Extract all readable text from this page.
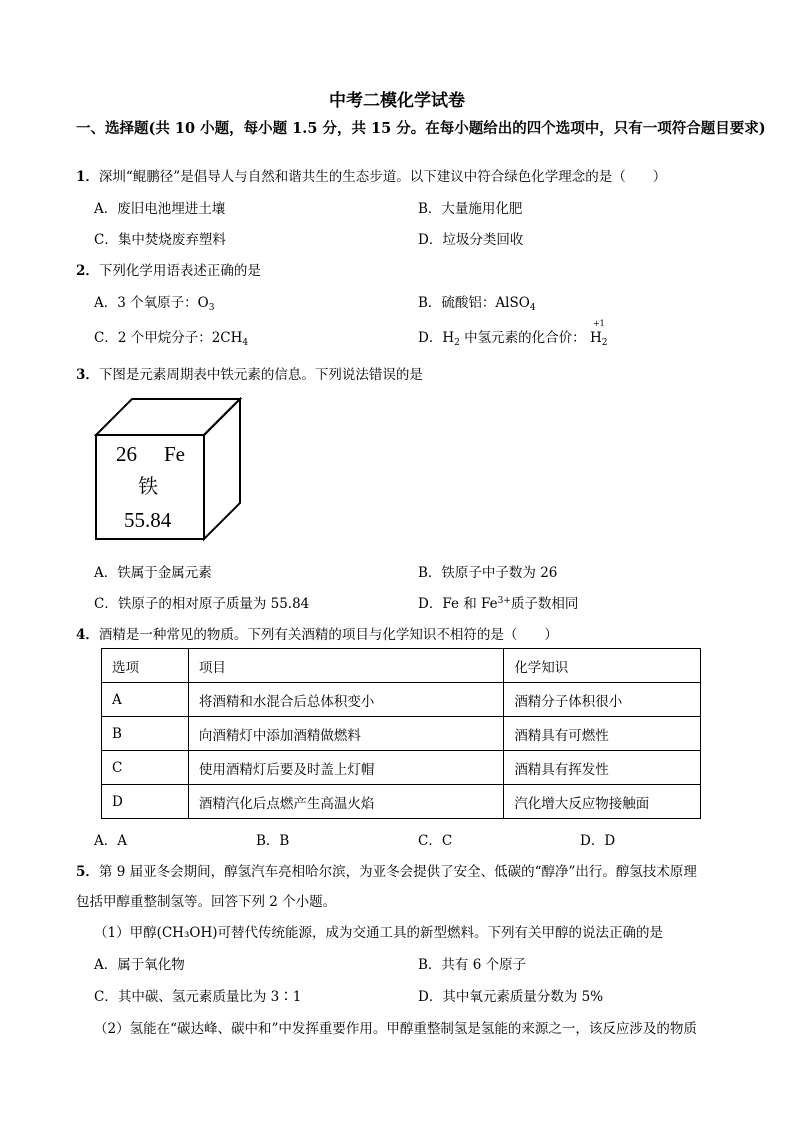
中考二模化学试卷
一、选择题(共 10 小题，每小题 1.5 分，共 15 分。在每小题给出的四个选项中，只有一项符合题目要求)
1．深圳“鲲鹏径”是倡导人与自然和谐共生的生态步道。以下建议中符合绿色化学理念的是（　　）
A．废旧电池埋进土壤	B．大量施用化肥
C．集中焚烧废弃塑料	D．垃圾分类回收
2．下列化学用语表述正确的是
A．3 个氧原子：$O_3$	B．硫酸铝：AlSO$_4$
C．2 个甲烷分子：$2CH_4$	D．$H_2$ 中氢元素的化合价：
+1
$H_2$
3．下图是元素周期表中铁元素的信息。下列说法错误的是
26 Fe
铁
55.84
A．铁属于金属元素	B．铁原子中子数为 26
C．铁原子的相对原子质量为 55.84	D．Fe 和 $Fe^{3+}$质子数相同
4．酒精是一种常见的物质。下列有关酒精的项目与化学知识不相符的是（　　）
选项	项目	化学知识
A	将酒精和水混合后总体积变小	酒精分子体积很小
B	向酒精灯中添加酒精做燃料	酒精具有可燃性
C	使用酒精灯后要及时盖上灯帽	酒精具有挥发性
D	酒精汽化后点燃产生高温火焰	汽化增大反应物接触面
A．A	B．B	C．C	D．D
5．第 9 届亚冬会期间，醇氢汽车亮相哈尔滨，为亚冬会提供了安全、低碳的“醇净”出行。醇氢技术原理
包括甲醇重整制氢等。回答下列 2 个小题。
（1）甲醇(CH₃OH)可替代传统能源，成为交通工具的新型燃料。下列有关甲醇的说法正确的是
A．属于氧化物	B．共有 6 个原子
C．其中碳、氢元素质量比为 3∶1	D．其中氧元素质量分数为 5%
（2）氢能在“碳达峰、碳中和”中发挥重要作用。甲醇重整制氢是氢能的来源之一，该反应涉及的物质
